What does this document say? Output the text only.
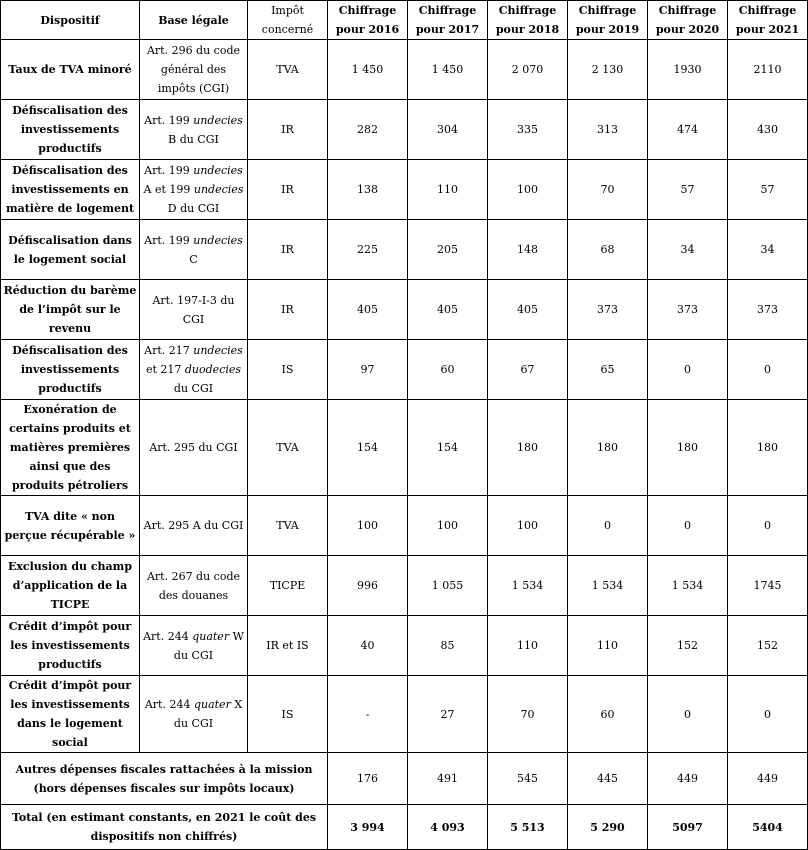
Dispositif	Base légale	Impôt concerné	Chiffrage pour 2016	Chiffrage pour 2017	Chiffrage pour 2018	Chiffrage pour 2019	Chiffrage pour 2020	Chiffrage pour 2021
Taux de TVA minoré	Art. 296 du code général des impôts (CGI)	TVA	1 450	1 450	2 070	2 130	1930	2110
Défiscalisation des investissements productifs	Art. 199 undecies B du CGI	IR	282	304	335	313	474	430
Défiscalisation des investissements en matière de logement	Art. 199 undecies A et 199 undecies D du CGI	IR	138	110	100	70	57	57
Défiscalisation dans le logement social	Art. 199 undecies C	IR	225	205	148	68	34	34
Réduction du barème de l’impôt sur le revenu	Art. 197-I-3 du CGI	IR	405	405	405	373	373	373
Défiscalisation des investissements productifs	Art. 217 undecies et 217 duodecies du CGI	IS	97	60	67	65	0	0
Exonération de certains produits et matières premières ainsi que des produits pétroliers	Art. 295 du CGI	TVA	154	154	180	180	180	180
TVA dite « non perçue récupérable »	Art. 295 A du CGI	TVA	100	100	100	0	0	0
Exclusion du champ d’application de la TICPE	Art. 267 du code des douanes	TICPE	996	1 055	1 534	1 534	1 534	1745
Crédit d’impôt pour les investissements productifs	Art. 244 quater W du CGI	IR et IS	40	85	110	110	152	152
Crédit d’impôt pour les investissements dans le logement social	Art. 244 quater X du CGI	IS	-	27	70	60	0	0
Autres dépenses fiscales rattachées à la mission (hors dépenses fiscales sur impôts locaux)			176	491	545	445	449	449
Total (en estimant constants, en 2021 le coût des dispositifs non chiffrés)			3 994	4 093	5 513	5 290	5097	5404
